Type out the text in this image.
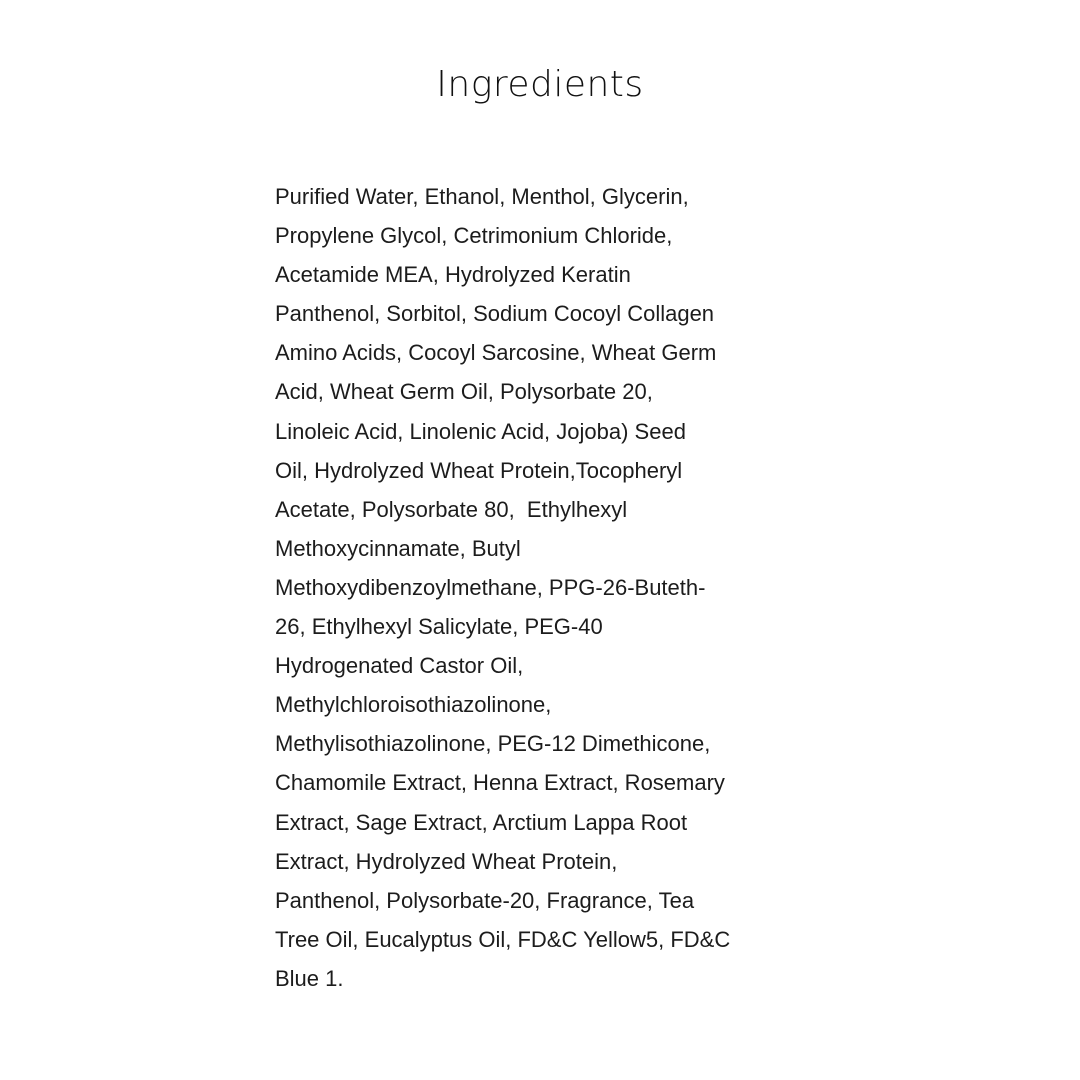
Ingredients
Purified Water, Ethanol, Menthol, Glycerin,
Propylene Glycol, Cetrimonium Chloride,
Acetamide MEA, Hydrolyzed Keratin
Panthenol, Sorbitol, Sodium Cocoyl Collagen
Amino Acids, Cocoyl Sarcosine, Wheat Germ
Acid, Wheat Germ Oil, Polysorbate 20,
Linoleic Acid, Linolenic Acid, Jojoba) Seed
Oil, Hydrolyzed Wheat Protein,Tocopheryl
Acetate, Polysorbate 80,  Ethylhexyl
Methoxycinnamate, Butyl
Methoxydibenzoylmethane, PPG-26-Buteth-
26, Ethylhexyl Salicylate, PEG-40
Hydrogenated Castor Oil,
Methylchloroisothiazolinone,
Methylisothiazolinone, PEG-12 Dimethicone,
Chamomile Extract, Henna Extract, Rosemary
Extract, Sage Extract, Arctium Lappa Root
Extract, Hydrolyzed Wheat Protein,
Panthenol, Polysorbate-20, Fragrance, Tea
Tree Oil, Eucalyptus Oil, FD&C Yellow5, FD&C
Blue 1.
